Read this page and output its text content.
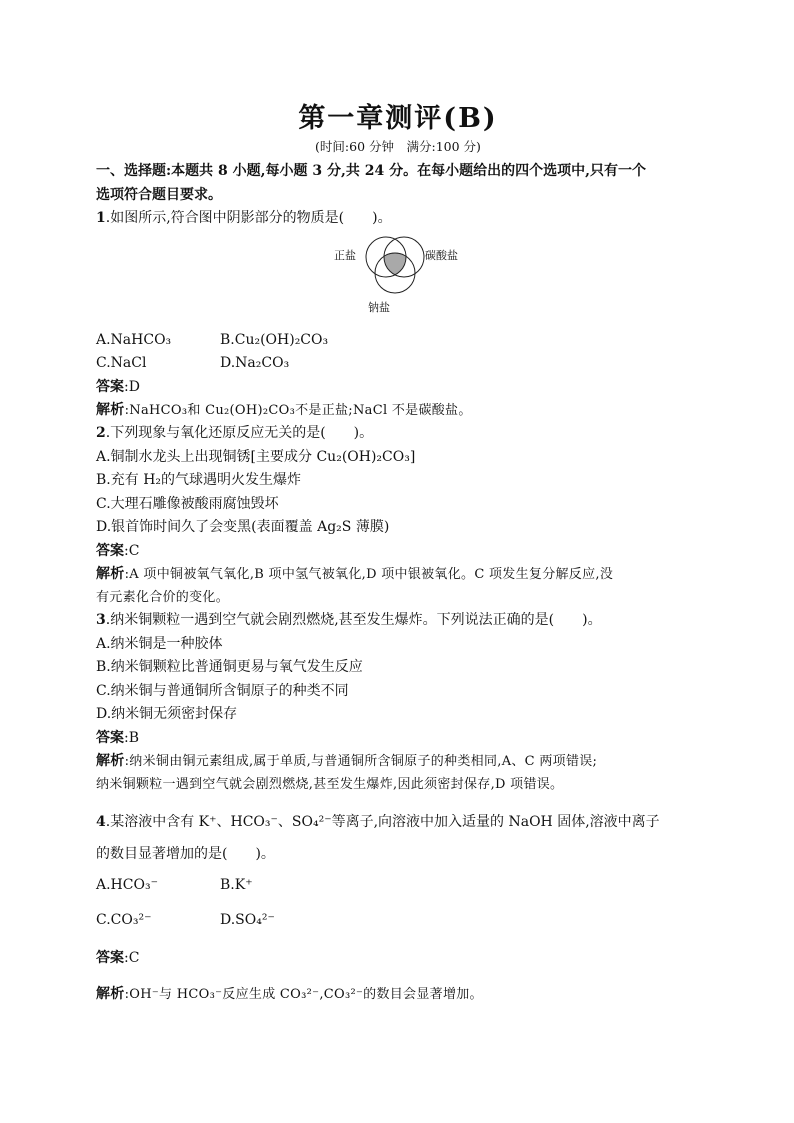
第一章测评(B)

(时间:60 分钟　满分:100 分)

一、选择题:本题共 8 小题,每小题 3 分,共 24 分。在每小题给出的四个选项中,只有一个

选项符合题目要求。

1.如图所示,符合图中阴影部分的物质是(　　)。

正盐	碳酸盐
钠盐
A.NaHCO₃	B.Cu₂(OH)₂CO₃
C.NaCl	D.Na₂CO₃

答案:D

解析:NaHCO₃和 Cu₂(OH)₂CO₃不是正盐;NaCl 不是碳酸盐。

2.下列现象与氧化还原反应无关的是(　　)。

A.铜制水龙头上出现铜锈[主要成分 Cu₂(OH)₂CO₃]

B.充有 H₂的气球遇明火发生爆炸

C.大理石雕像被酸雨腐蚀毁坏

D.银首饰时间久了会变黑(表面覆盖 Ag₂S 薄膜)

答案:C

解析:A 项中铜被氧气氧化,B 项中氢气被氧化,D 项中银被氧化。C 项发生复分解反应,没

有元素化合价的变化。

3.纳米铜颗粒一遇到空气就会剧烈燃烧,甚至发生爆炸。下列说法正确的是(　　)。

A.纳米铜是一种胶体

B.纳米铜颗粒比普通铜更易与氧气发生反应

C.纳米铜与普通铜所含铜原子的种类不同

D.纳米铜无须密封保存

答案:B

解析:纳米铜由铜元素组成,属于单质,与普通铜所含铜原子的种类相同,A、C 两项错误;

纳米铜颗粒一遇到空气就会剧烈燃烧,甚至发生爆炸,因此须密封保存,D 项错误。

4.某溶液中含有 K⁺、HCO₃⁻、SO₄²⁻等离子,向溶液中加入适量的 NaOH 固体,溶液中离子

的数目显著增加的是(　　)。

A.HCO₃⁻	B.K⁺
C.CO₃²⁻	D.SO₄²⁻

答案:C

解析:OH⁻与 HCO₃⁻反应生成 CO₃²⁻,CO₃²⁻的数目会显著增加。
